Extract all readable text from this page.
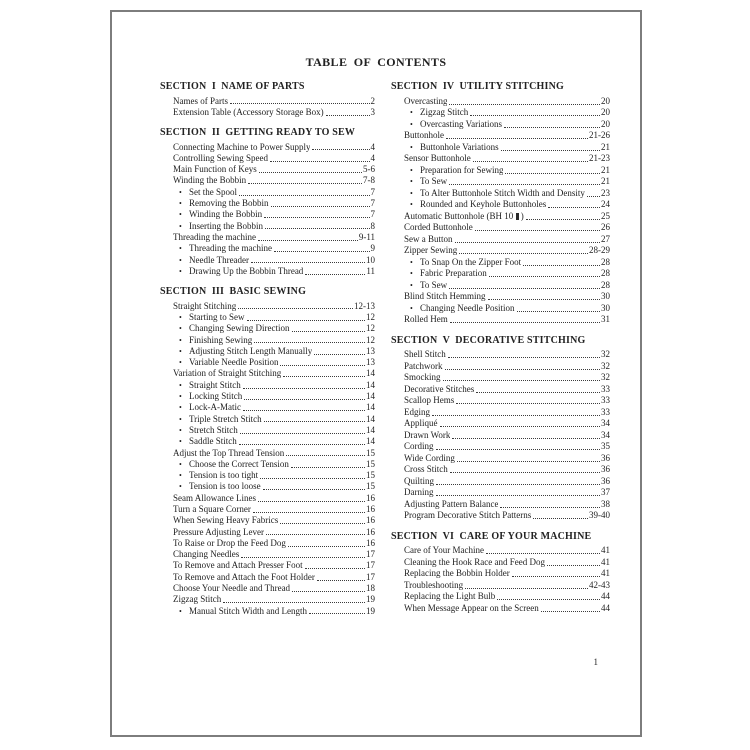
TABLE OF CONTENTS
SECTION  I  NAME OF PARTS
Names of Parts	2
Extension Table (Accessory Storage Box)	3
SECTION  II  GETTING READY TO SEW
Connecting Machine to Power Supply	4
Controlling Sewing Speed	4
Main Function of Keys	5-6
Winding the Bobbin	7-8
• Set the Spool	7
• Removing the Bobbin	7
• Winding the Bobbin	7
• Inserting the Bobbin	8
Threading the machine	9-11
• Threading the machine	9
• Needle Threader	10
• Drawing Up the Bobbin Thread	11
SECTION  III  BASIC SEWING
Straight Stitching	12-13
• Starting to Sew	12
• Changing Sewing Direction	12
• Finishing Sewing	12
• Adjusting Stitch Length Manually	13
• Variable Needle Position	13
Variation of Straight Stitching	14
• Straight Stitch	14
• Locking Stitch	14
• Lock-A-Matic	14
• Triple Stretch Stitch	14
• Stretch Stitch	14
• Saddle Stitch	14
Adjust the Top Thread Tension	15
• Choose the Correct Tension	15
• Tension is too tight	15
• Tension is too loose	15
Seam Allowance Lines	16
Turn a Square Corner	16
When Sewing Heavy Fabrics	16
Pressure Adjusting Lever	16
To Raise or Drop the Feed Dog	16
Changing Needles	17
To Remove and Attach Presser Foot	17
To Remove and Attach the Foot Holder	17
Choose Your Needle and Thread	18
Zigzag Stitch	19
• Manual Stitch Width and Length	19
SECTION  IV  UTILITY STITCHING
Overcasting	20
• Zigzag Stitch	20
• Overcasting Variations	20
Buttonhole	21-26
• Buttonhole Variations	21
Sensor Buttonhole	21-23
• Preparation for Sewing	21
• To Sew	21
• To Alter Buttonhole Stitch Width and Density 23
• Rounded and Keyhole Buttonholes	24
Automatic Buttonhole (BH 10 )	25
Corded Buttonhole	26
Sew a Button	27
Zipper Sewing	28-29
• To Snap On the Zipper Foot	28
• Fabric Preparation	28
• To Sew	28
Blind Stitch Hemming	30
• Changing Needle Position	30
Rolled Hem	31
SECTION  V  DECORATIVE STITCHING
Shell Stitch	32
Patchwork	32
Smocking	32
Decorative Stitches	33
Scallop Hems	33
Edging	33
Appliqué	34
Drawn Work	34
Cording	35
Wide Cording	36
Cross Stitch	36
Quilting	36
Darning	37
Adjusting Pattern Balance	38
Program Decorative Stitch Patterns	39-40
SECTION  VI  CARE OF YOUR MACHINE
Care of Your Machine	41
Cleaning the Hook Race and Feed Dog	41
Replacing the Bobbin Holder	41
Troubleshooting	42-43
Replacing the Light Bulb	44
When Message Appear on the Screen	44
1
